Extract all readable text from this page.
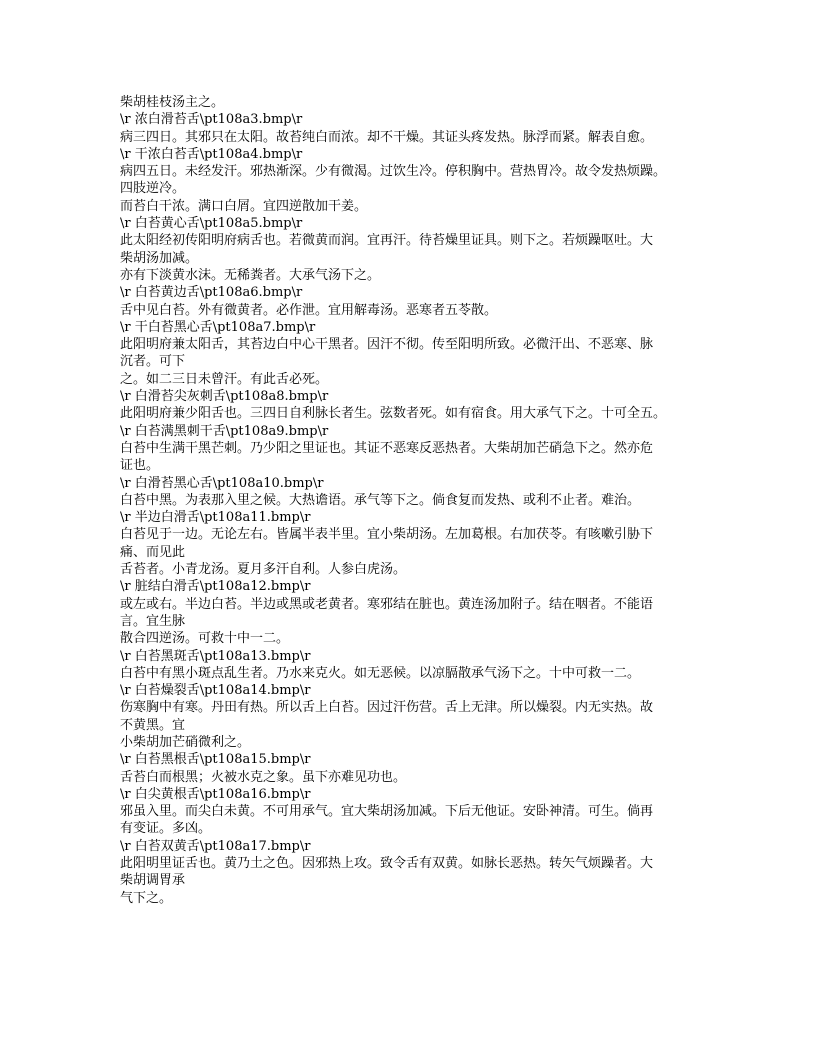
柴胡桂枝汤主之。

\r 浓白滑苔舌\pt108a3.bmp\r

病三四日。其邪只在太阳。故苔纯白而浓。却不干燥。其证头疼发热。脉浮而紧。解表自愈。

\r 干浓白苔舌\pt108a4.bmp\r

病四五日。未经发汗。邪热渐深。少有微渴。过饮生冷。停积胸中。营热胃冷。故令发热烦躁。

四肢逆冷。

而苔白干浓。满口白屑。宜四逆散加干姜。

\r 白苔黄心舌\pt108a5.bmp\r

此太阳经初传阳明府病舌也。若微黄而润。宜再汗。待苔燥里证具。则下之。若烦躁呕吐。大

柴胡汤加减。

亦有下淡黄水沫。无稀粪者。大承气汤下之。

\r 白苔黄边舌\pt108a6.bmp\r

舌中见白苔。外有微黄者。必作泄。宜用解毒汤。恶寒者五苓散。

\r 干白苔黑心舌\pt108a7.bmp\r

此阳明府兼太阳舌，其苔边白中心干黑者。因汗不彻。传至阳明所致。必微汗出、不恶寒、脉

沉者。可下

之。如二三日未曾汗。有此舌必死。

\r 白滑苔尖灰刺舌\pt108a8.bmp\r

此阳明府兼少阳舌也。三四日自利脉长者生。弦数者死。如有宿食。用大承气下之。十可全五。

\r 白苔满黑刺干舌\pt108a9.bmp\r

白苔中生满干黑芒刺。乃少阳之里证也。其证不恶寒反恶热者。大柴胡加芒硝急下之。然亦危

证也。

\r 白滑苔黑心舌\pt108a10.bmp\r

白苔中黑。为表那入里之候。大热谵语。承气等下之。倘食复而发热、或利不止者。难治。

\r 半边白滑舌\pt108a11.bmp\r

白苔见于一边。无论左右。皆属半表半里。宜小柴胡汤。左加葛根。右加茯苓。有咳嗽引胁下

痛、而见此

舌苔者。小青龙汤。夏月多汗自利。人参白虎汤。

\r 脏结白滑舌\pt108a12.bmp\r

或左或右。半边白苔。半边或黑或老黄者。寒邪结在脏也。黄连汤加附子。结在咽者。不能语

言。宜生脉

散合四逆汤。可救十中一二。

\r 白苔黑斑舌\pt108a13.bmp\r

白苔中有黑小斑点乱生者。乃水来克火。如无恶候。以凉膈散承气汤下之。十中可救一二。

\r 白苔燥裂舌\pt108a14.bmp\r

伤寒胸中有寒。丹田有热。所以舌上白苔。因过汗伤营。舌上无津。所以燥裂。内无实热。故

不黄黑。宜

小柴胡加芒硝微利之。

\r 白苔黑根舌\pt108a15.bmp\r

舌苔白而根黑；火被水克之象。虽下亦难见功也。

\r 白尖黄根舌\pt108a16.bmp\r

邪虽入里。而尖白未黄。不可用承气。宜大柴胡汤加减。下后无他证。安卧神清。可生。倘再

有变证。多凶。

\r 白苔双黄舌\pt108a17.bmp\r

此阳明里证舌也。黄乃土之色。因邪热上攻。致令舌有双黄。如脉长恶热。转矢气烦躁者。大

柴胡调胃承

气下之。
